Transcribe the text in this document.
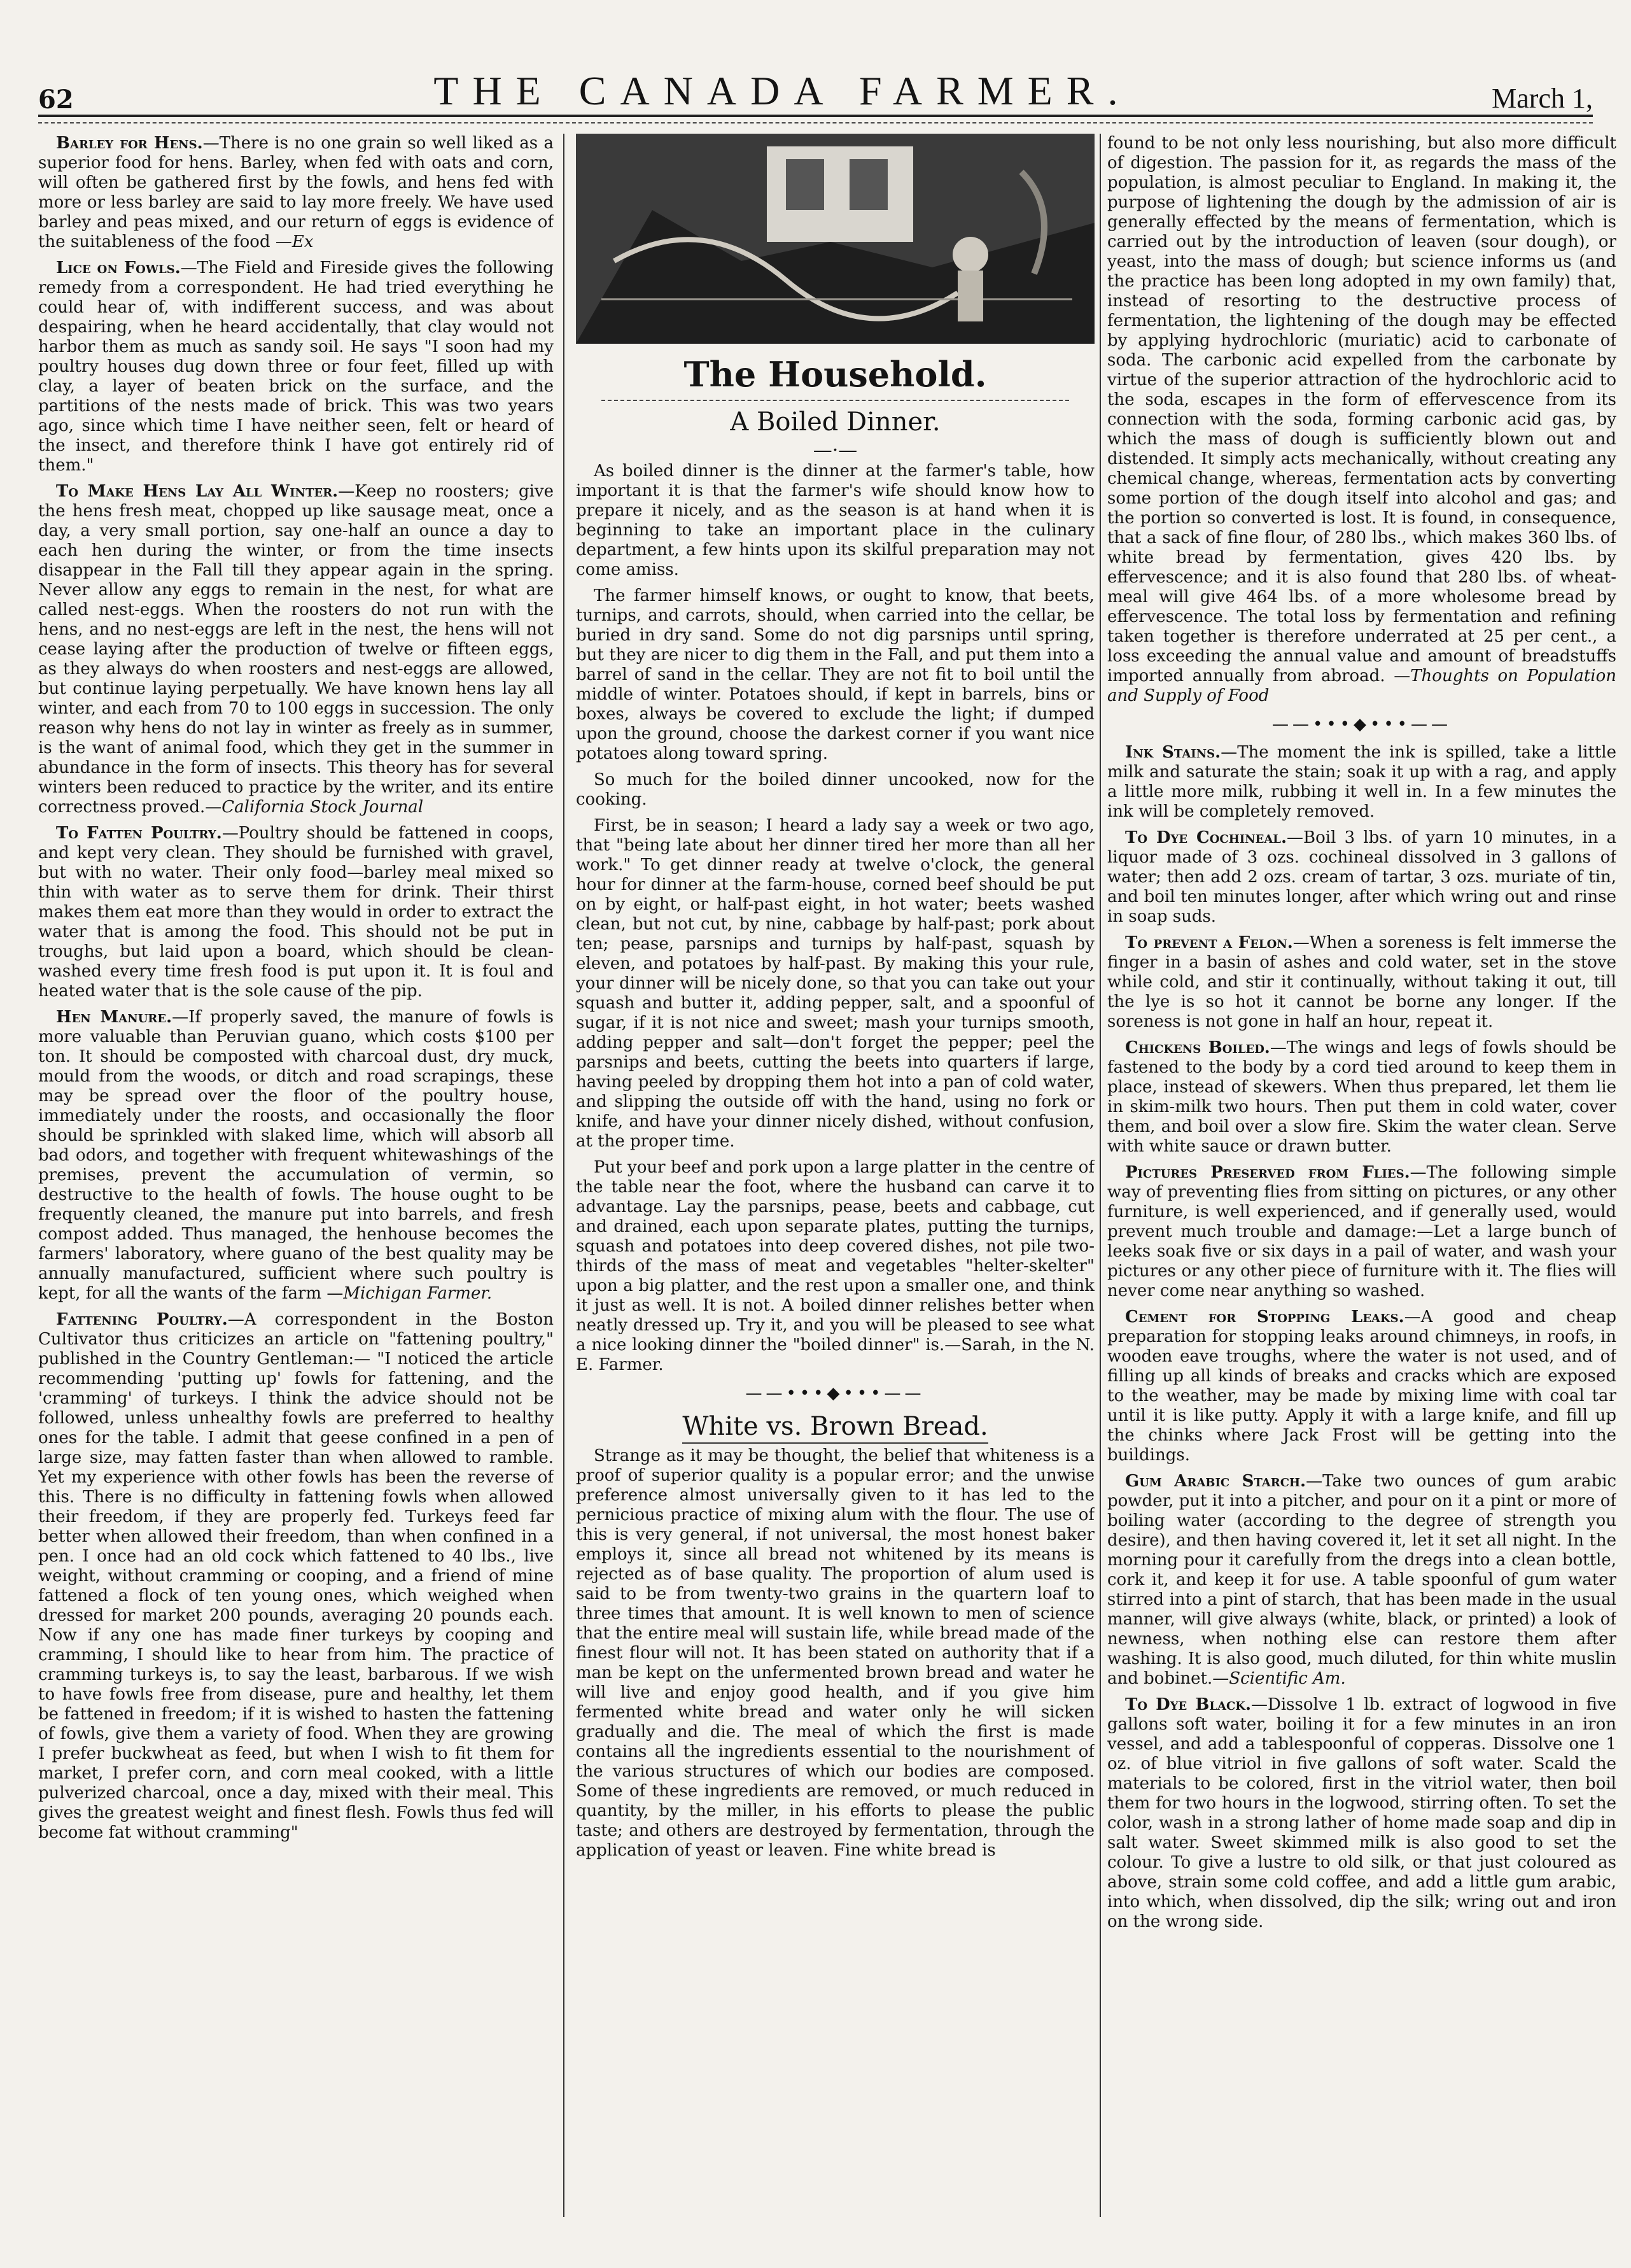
62	THE CANADA FARMER.	March 1,

Barley for Hens.—There is no one grain so well liked as a superior food for hens. Barley, when fed with oats and corn, will often be gathered first by the fowls, and hens fed with more or less barley are said to lay more freely. We have used barley and peas mixed, and our return of eggs is evidence of the suitableness of the food —Ex

Lice on Fowls.—The Field and Fireside gives the following remedy from a correspondent. He had tried everything he could hear of, with indifferent success, and was about despairing, when he heard accidentally, that clay would not harbor them as much as sandy soil. He says "I soon had my poultry houses dug down three or four feet, filled up with clay, a layer of beaten brick on the surface, and the partitions of the nests made of brick. This was two years ago, since which time I have neither seen, felt or heard of the insect, and therefore think I have got entirely rid of them."

To Make Hens Lay All Winter.—Keep no roosters; give the hens fresh meat, chopped up like sausage meat, once a day, a very small portion, say one-half an ounce a day to each hen during the winter, or from the time insects disappear in the Fall till they appear again in the spring. Never allow any eggs to remain in the nest, for what are called nest-eggs. When the roosters do not run with the hens, and no nest-eggs are left in the nest, the hens will not cease laying after the production of twelve or fifteen eggs, as they always do when roosters and nest-eggs are allowed, but continue laying perpetually. We have known hens lay all winter, and each from 70 to 100 eggs in succession. The only reason why hens do not lay in winter as freely as in summer, is the want of animal food, which they get in the summer in abundance in the form of insects. This theory has for several winters been reduced to practice by the writer, and its entire correctness proved.—California Stock Journal

To Fatten Poultry.—Poultry should be fattened in coops, and kept very clean. They should be furnished with gravel, but with no water. Their only food—barley meal mixed so thin with water as to serve them for drink. Their thirst makes them eat more than they would in order to extract the water that is among the food. This should not be put in troughs, but laid upon a board, which should be clean-washed every time fresh food is put upon it. It is foul and heated water that is the sole cause of the pip.

Hen Manure.—If properly saved, the manure of fowls is more valuable than Peruvian guano, which costs $100 per ton. It should be composted with charcoal dust, dry muck, mould from the woods, or ditch and road scrapings, these may be spread over the floor of the poultry house, immediately under the roosts, and occasionally the floor should be sprinkled with slaked lime, which will absorb all bad odors, and together with frequent whitewashings of the premises, prevent the accumulation of vermin, so destructive to the health of fowls. The house ought to be frequently cleaned, the manure put into barrels, and fresh compost added. Thus managed, the henhouse becomes the farmers' laboratory, where guano of the best quality may be annually manufactured, sufficient where such poultry is kept, for all the wants of the farm —Michigan Farmer.

Fattening Poultry.—A correspondent in the Boston Cultivator thus criticizes an article on "fattening poultry," published in the Country Gentleman:— "I noticed the article recommending 'putting up' fowls for fattening, and the 'cramming' of turkeys. I think the advice should not be followed, unless unhealthy fowls are preferred to healthy ones for the table. I admit that geese confined in a pen of large size, may fatten faster than when allowed to ramble. Yet my experience with other fowls has been the reverse of this. There is no difficulty in fattening fowls when allowed their freedom, if they are properly fed. Turkeys feed far better when allowed their freedom, than when confined in a pen. I once had an old cock which fattened to 40 lbs., live weight, without cramming or cooping, and a friend of mine fattened a flock of ten young ones, which weighed when dressed for market 200 pounds, averaging 20 pounds each. Now if any one has made finer turkeys by cooping and cramming, I should like to hear from him. The practice of cramming turkeys is, to say the least, barbarous. If we wish to have fowls free from disease, pure and healthy, let them be fattened in freedom; if it is wished to hasten the fattening of fowls, give them a variety of food. When they are growing I prefer buckwheat as feed, but when I wish to fit them for market, I prefer corn, and corn meal cooked, with a little pulverized charcoal, once a day, mixed with their meal. This gives the greatest weight and finest flesh. Fowls thus fed will become fat without cramming"

The Household.
A Boiled Dinner.
—·—

As boiled dinner is the dinner at the farmer's table, how important it is that the farmer's wife should know how to prepare it nicely, and as the season is at hand when it is beginning to take an important place in the culinary department, a few hints upon its skilful preparation may not come amiss.

The farmer himself knows, or ought to know, that beets, turnips, and carrots, should, when carried into the cellar, be buried in dry sand. Some do not dig parsnips until spring, but they are nicer to dig them in the Fall, and put them into a barrel of sand in the cellar. They are not fit to boil until the middle of winter. Potatoes should, if kept in barrels, bins or boxes, always be covered to exclude the light; if dumped upon the ground, choose the darkest corner if you want nice potatoes along toward spring.

So much for the boiled dinner uncooked, now for the cooking.

First, be in season; I heard a lady say a week or two ago, that "being late about her dinner tired her more than all her work." To get dinner ready at twelve o'clock, the general hour for dinner at the farm-house, corned beef should be put on by eight, or half-past eight, in hot water; beets washed clean, but not cut, by nine, cabbage by half-past; pork about ten; pease, parsnips and turnips by half-past, squash by eleven, and potatoes by half-past. By making this your rule, your dinner will be nicely done, so that you can take out your squash and butter it, adding pepper, salt, and a spoonful of sugar, if it is not nice and sweet; mash your turnips smooth, adding pepper and salt—don't forget the pepper; peel the parsnips and beets, cutting the beets into quarters if large, having peeled by dropping them hot into a pan of cold water, and slipping the outside off with the hand, using no fork or knife, and have your dinner nicely dished, without confusion, at the proper time.

Put your beef and pork upon a large platter in the centre of the table near the foot, where the husband can carve it to advantage. Lay the parsnips, pease, beets and cabbage, cut and drained, each upon separate plates, putting the turnips, squash and potatoes into deep covered dishes, not pile two-thirds of the mass of meat and vegetables "helter-skelter" upon a big platter, and the rest upon a smaller one, and think it just as well. It is not. A boiled dinner relishes better when neatly dressed up. Try it, and you will be pleased to see what a nice looking dinner the "boiled dinner" is.—Sarah, in the N. E. Farmer.

——•••◆•••——
White vs. Brown Bread.

Strange as it may be thought, the belief that whiteness is a proof of superior quality is a popular error; and the unwise preference almost universally given to it has led to the pernicious practice of mixing alum with the flour. The use of this is very general, if not universal, the most honest baker employs it, since all bread not whitened by its means is rejected as of base quality. The proportion of alum used is said to be from twenty-two grains in the quartern loaf to three times that amount. It is well known to men of science that the entire meal will sustain life, while bread made of the finest flour will not. It has been stated on authority that if a man be kept on the unfermented brown bread and water he will live and enjoy good health, and if you give him fermented white bread and water only he will sicken gradually and die. The meal of which the first is made contains all the ingredients essential to the nourishment of the various structures of which our bodies are composed. Some of these ingredients are removed, or much reduced in quantity, by the miller, in his efforts to please the public taste; and others are destroyed by fermentation, through the application of yeast or leaven. Fine white bread is

found to be not only less nourishing, but also more difficult of digestion. The passion for it, as regards the mass of the population, is almost peculiar to England. In making it, the purpose of lightening the dough by the admission of air is generally effected by the means of fermentation, which is carried out by the introduction of leaven (sour dough), or yeast, into the mass of dough; but science informs us (and the practice has been long adopted in my own family) that, instead of resorting to the destructive process of fermentation, the lightening of the dough may be effected by applying hydrochloric (muriatic) acid to carbonate of soda. The carbonic acid expelled from the carbonate by virtue of the superior attraction of the hydrochloric acid to the soda, escapes in the form of effervescence from its connection with the soda, forming carbonic acid gas, by which the mass of dough is sufficiently blown out and distended. It simply acts mechanically, without creating any chemical change, whereas, fermentation acts by converting some portion of the dough itself into alcohol and gas; and the portion so converted is lost. It is found, in consequence, that a sack of fine flour, of 280 lbs., which makes 360 lbs. of white bread by fermentation, gives 420 lbs. by effervescence; and it is also found that 280 lbs. of wheat-meal will give 464 lbs. of a more wholesome bread by effervescence. The total loss by fermentation and refining taken together is therefore underrated at 25 per cent., a loss exceeding the annual value and amount of breadstuffs imported annually from abroad. —Thoughts on Population and Supply of Food

——•••◆•••——

Ink Stains.—The moment the ink is spilled, take a little milk and saturate the stain; soak it up with a rag, and apply a little more milk, rubbing it well in. In a few minutes the ink will be completely removed.

To Dye Cochineal.—Boil 3 lbs. of yarn 10 minutes, in a liquor made of 3 ozs. cochineal dissolved in 3 gallons of water; then add 2 ozs. cream of tartar, 3 ozs. muriate of tin, and boil ten minutes longer, after which wring out and rinse in soap suds.

To prevent a Felon.—When a soreness is felt immerse the finger in a basin of ashes and cold water, set in the stove while cold, and stir it continually, without taking it out, till the lye is so hot it cannot be borne any longer. If the soreness is not gone in half an hour, repeat it.

Chickens Boiled.—The wings and legs of fowls should be fastened to the body by a cord tied around to keep them in place, instead of skewers. When thus prepared, let them lie in skim-milk two hours. Then put them in cold water, cover them, and boil over a slow fire. Skim the water clean. Serve with white sauce or drawn butter.

Pictures Preserved from Flies.—The following simple way of preventing flies from sitting on pictures, or any other furniture, is well experienced, and if generally used, would prevent much trouble and damage:—Let a large bunch of leeks soak five or six days in a pail of water, and wash your pictures or any other piece of furniture with it. The flies will never come near anything so washed.

Cement for Stopping Leaks.—A good and cheap preparation for stopping leaks around chimneys, in roofs, in wooden eave troughs, where the water is not used, and of filling up all kinds of breaks and cracks which are exposed to the weather, may be made by mixing lime with coal tar until it is like putty. Apply it with a large knife, and fill up the chinks where Jack Frost will be getting into the buildings.

Gum Arabic Starch.—Take two ounces of gum arabic powder, put it into a pitcher, and pour on it a pint or more of boiling water (according to the degree of strength you desire), and then having covered it, let it set all night. In the morning pour it carefully from the dregs into a clean bottle, cork it, and keep it for use. A table spoonful of gum water stirred into a pint of starch, that has been made in the usual manner, will give always (white, black, or printed) a look of newness, when nothing else can restore them after washing. It is also good, much diluted, for thin white muslin and bobinet.—Scientific Am.

To Dye Black.—Dissolve 1 lb. extract of logwood in five gallons soft water, boiling it for a few minutes in an iron vessel, and add a tablespoonful of copperas. Dissolve one 1 oz. of blue vitriol in five gallons of soft water. Scald the materials to be colored, first in the vitriol water, then boil them for two hours in the logwood, stirring often. To set the color, wash in a strong lather of home made soap and dip in salt water. Sweet skimmed milk is also good to set the colour. To give a lustre to old silk, or that just coloured as above, strain some cold coffee, and add a little gum arabic, into which, when dissolved, dip the silk; wring out and iron on the wrong side.
